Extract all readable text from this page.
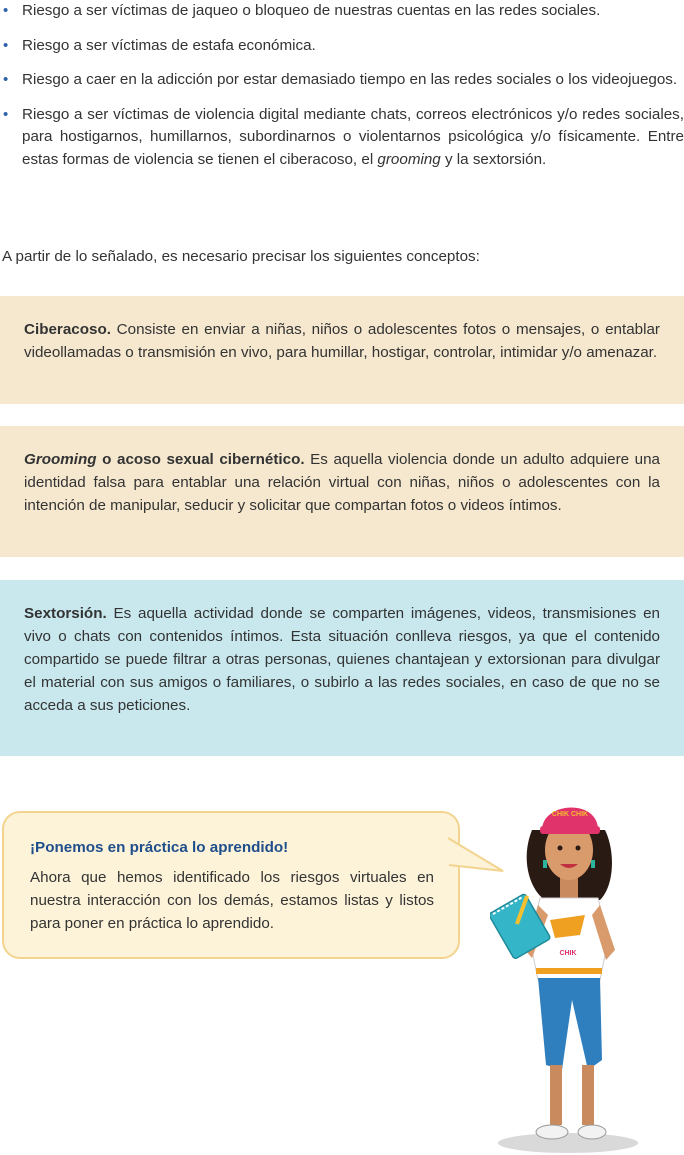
• Riesgo a ser víctimas de jaqueo o bloqueo de nuestras cuentas en las redes sociales.
• Riesgo a ser víctimas de estafa económica.
• Riesgo a caer en la adicción por estar demasiado tiempo en las redes sociales o los videojuegos.
• Riesgo a ser víctimas de violencia digital mediante chats, correos electrónicos y/o redes sociales, para hostigarnos, humillarnos, subordinarnos o violentarnos psicológica y/o físicamente. Entre estas formas de violencia se tienen el ciberacoso, el grooming y la sextorsión.

A partir de lo señalado, es necesario precisar los siguientes conceptos:

Ciberacoso. Consiste en enviar a niñas, niños o adolescentes fotos o mensajes, o entablar videollamadas o transmisión en vivo, para humillar, hostigar, controlar, intimidar y/o amenazar.

Grooming o acoso sexual cibernético. Es aquella violencia donde un adulto adquiere una identidad falsa para entablar una relación virtual con niñas, niños o adolescentes con la intención de manipular, seducir y solicitar que compartan fotos o videos íntimos.

Sextorsión. Es aquella actividad donde se comparten imágenes, videos, transmisiones en vivo o chats con contenidos íntimos. Esta situación conlleva riesgos, ya que el contenido compartido se puede filtrar a otras personas, quienes chantajean y extorsionan para divulgar el material con sus amigos o familiares, o subirlo a las redes sociales, en caso de que no se acceda a sus peticiones.

¡Ponemos en práctica lo aprendido!

Ahora que hemos identificado los riesgos virtuales en nuestra interacción con los demás, estamos listas y listos para poner en práctica lo aprendido.

CHIK CHIK
CHIK
